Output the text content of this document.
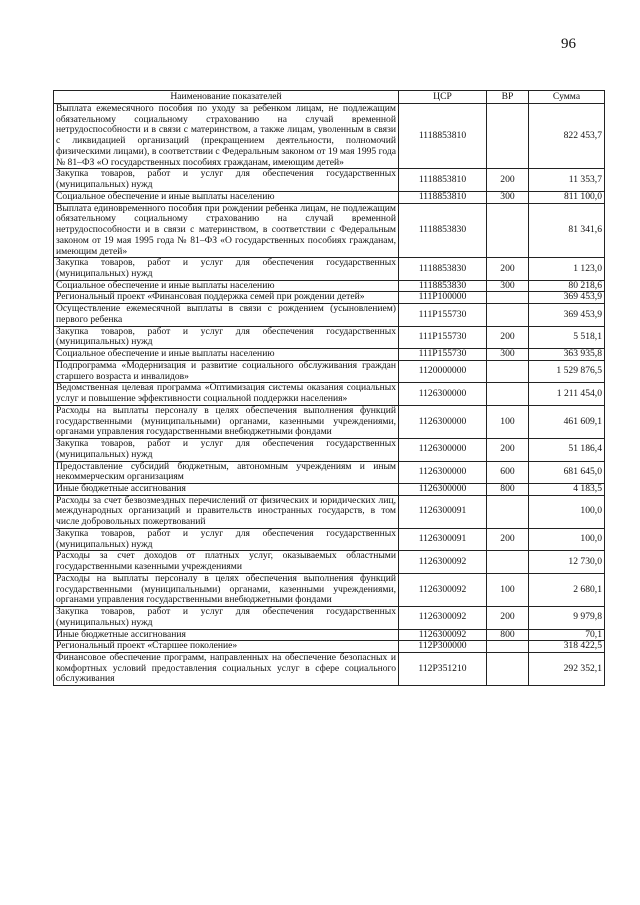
96
Наименование показателей	ЦСР	ВР	Сумма
Выплата ежемесячного пособия по уходу за ребенком лицам, не подлежащим обязательному социальному страхованию на случай временной нетрудоспособности и в связи с материнством, а также лицам, уволенным в связи с ликвидацией организаций (прекращением деятельности, полномочий физическими лицами), в соответствии с Федеральным законом от 19 мая 1995 года № 81–ФЗ «О государственных пособиях гражданам, имеющим детей»	1118853810		822 453,7
Закупка товаров, работ и услуг для обеспечения государственных (муниципальных) нужд	1118853810	200	11 353,7
Социальное обеспечение и иные выплаты населению	1118853810	300	811 100,0
Выплата единовременного пособия при рождении ребенка лицам, не подлежащим обязательному социальному страхованию на случай временной нетрудоспособности и в связи с материнством, в соответствии с Федеральным законом от 19 мая 1995 года № 81–ФЗ «О государственных пособиях гражданам, имеющим детей»	1118853830		81 341,6
Закупка товаров, работ и услуг для обеспечения государственных (муниципальных) нужд	1118853830	200	1 123,0
Социальное обеспечение и иные выплаты населению	1118853830	300	80 218,6
Региональный проект «Финансовая поддержка семей при рождении детей»	111P100000		369 453,9
Осуществление ежемесячной выплаты в связи с рождением (усыновлением) первого ребенка	111P155730		369 453,9
Закупка товаров, работ и услуг для обеспечения государственных (муниципальных) нужд	111P155730	200	5 518,1
Социальное обеспечение и иные выплаты населению	111P155730	300	363 935,8
Подпрограмма «Модернизация и развитие социального обслуживания граждан старшего возраста и инвалидов»	1120000000		1 529 876,5
Ведомственная целевая программа «Оптимизация системы оказания социальных услуг и повышение эффективности социальной поддержки населения»	1126300000		1 211 454,0
Расходы на выплаты персоналу в целях обеспечения выполнения функций государственными (муниципальными) органами, казенными учреждениями, органами управления государственными внебюджетными фондами	1126300000	100	461 609,1
Закупка товаров, работ и услуг для обеспечения государственных (муниципальных) нужд	1126300000	200	51 186,4
Предоставление субсидий бюджетным, автономным учреждениям и иным некоммерческим организациям	1126300000	600	681 645,0
Иные бюджетные ассигнования	1126300000	800	4 183,5
Расходы за счет безвозмездных перечислений от физических и юридических лиц, международных организаций и правительств иностранных государств, в том числе добровольных пожертвований	1126300091		100,0
Закупка товаров, работ и услуг для обеспечения государственных (муниципальных) нужд	1126300091	200	100,0
Расходы за счет доходов от платных услуг, оказываемых областными государственными казенными учреждениями	1126300092		12 730,0
Расходы на выплаты персоналу в целях обеспечения выполнения функций государственными (муниципальными) органами, казенными учреждениями, органами управления государственными внебюджетными фондами	1126300092	100	2 680,1
Закупка товаров, работ и услуг для обеспечения государственных (муниципальных) нужд	1126300092	200	9 979,8
Иные бюджетные ассигнования	1126300092	800	70,1
Региональный проект «Старшее поколение»	112P300000		318 422,5
Финансовое обеспечение программ, направленных на обеспечение безопасных и комфортных условий предоставления социальных услуг в сфере социального обслуживания	112P351210		292 352,1
